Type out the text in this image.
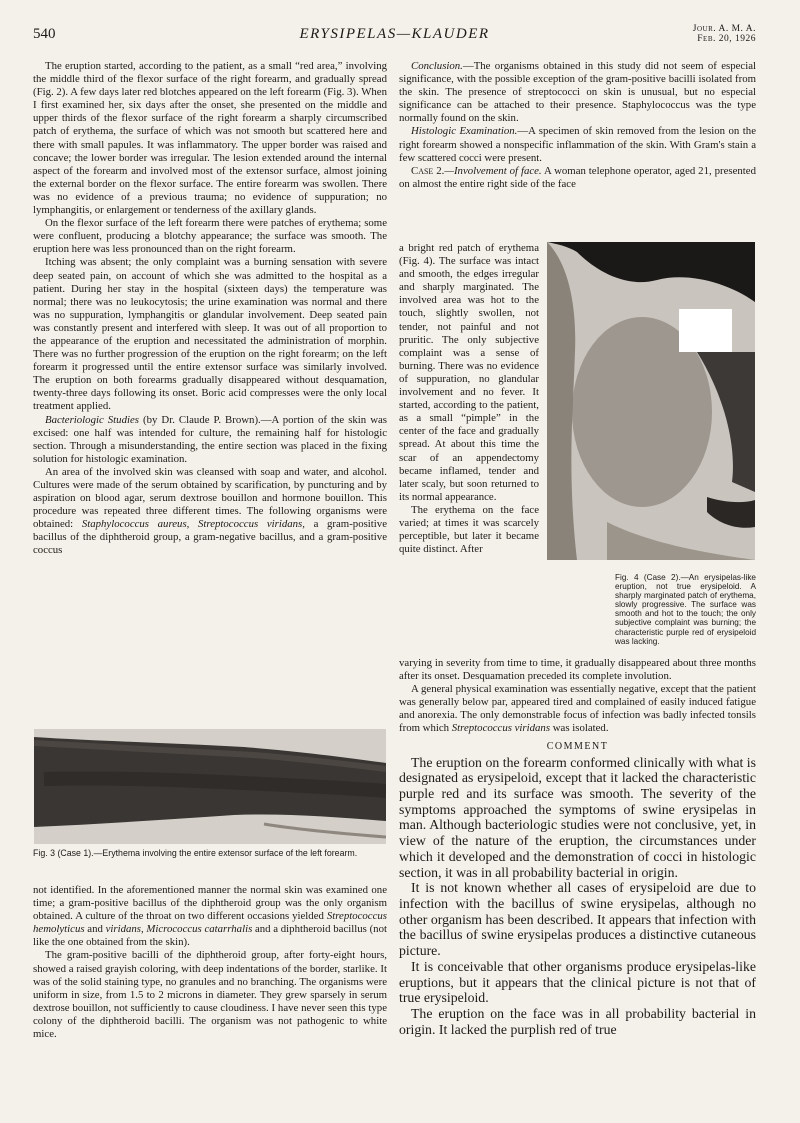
540	ERYSIPELAS—KLAUDER	Jour. A. M. A.
Feb. 20, 1926

The eruption started, according to the patient, as a small “red area,” involving the middle third of the flexor surface of the right forearm, and gradually spread (Fig. 2). A few days later red blotches appeared on the left forearm (Fig. 3). When I first examined her, six days after the onset, she presented on the middle and upper thirds of the flexor surface of the right forearm a sharply circumscribed patch of erythema, the surface of which was not smooth but scattered here and there with small papules. It was inflammatory. The upper border was raised and concave; the lower border was irregular. The lesion extended around the internal aspect of the forearm and involved most of the extensor surface, almost joining the external border on the flexor surface. The entire forearm was swollen. There was no evidence of a previous trauma; no evidence of suppuration; no lymphangitis, or enlargement or tenderness of the axillary glands.

On the flexor surface of the left forearm there were patches of erythema; some were confluent, producing a blotchy appearance; the surface was smooth. The eruption here was less pronounced than on the right forearm.

Itching was absent; the only complaint was a burning sensation with severe deep seated pain, on account of which she was admitted to the hospital as a patient. During her stay in the hospital (sixteen days) the temperature was normal; there was no leukocytosis; the urine examination was normal and there was no suppuration, lymphangitis or glandular involvement. Deep seated pain was constantly present and interfered with sleep. It was out of all proportion to the appearance of the eruption and necessitated the administration of morphin. There was no further progression of the eruption on the right forearm; on the left forearm it progressed until the entire extensor surface was similarly involved. The eruption on both forearms gradually disappeared without desquamation, twenty-three days following its onset. Boric acid compresses were the only local treatment applied.

Bacteriologic Studies (by Dr. Claude P. Brown).—A portion of the skin was excised: one half was intended for culture, the remaining half for histologic section. Through a misunderstanding, the entire section was placed in the fixing solution for histologic examination.

An area of the involved skin was cleansed with soap and water, and alcohol. Cultures were made of the serum obtained by scarification, by puncturing and by aspiration on blood agar, serum dextrose bouillon and hormone bouillon. This procedure was repeated three different times. The following organisms were obtained: Staphylococcus aureus, Streptococcus viridans, a gram-positive bacillus of the diphtheroid group, a gram-negative bacillus, and a gram-positive coccus

Fig. 3 (Case 1).—Erythema involving the entire extensor surface of the left forearm.

not identified. In the aforementioned manner the normal skin was examined one time; a gram-positive bacillus of the diphtheroid group was the only organism obtained. A culture of the throat on two different occasions yielded Streptococcus hemolyticus and viridans, Micrococcus catarrhalis and a diphtheroid bacillus (not like the one obtained from the skin).

The gram-positive bacilli of the diphtheroid group, after forty-eight hours, showed a raised grayish coloring, with deep indentations of the border, starlike. It was of the solid staining type, no granules and no branching. The organisms were uniform in size, from 1.5 to 2 microns in diameter. They grew sparsely in serum dextrose bouillon, not sufficiently to cause cloudiness. I have never seen this type colony of the diphtheroid bacilli. The organism was not pathogenic to white mice.

Conclusion.—The organisms obtained in this study did not seem of especial significance, with the possible exception of the gram-positive bacilli isolated from the skin. The presence of streptococci on skin is unusual, but no especial significance can be attached to their presence. Staphylococcus was the type normally found on the skin.

Histologic Examination.—A specimen of skin removed from the lesion on the right forearm showed a nonspecific inflammation of the skin. With Gram's stain a few scattered cocci were present.

Case 2.—Involvement of face. A woman telephone operator, aged 21, presented on almost the entire right side of the face

a bright red patch of erythema (Fig. 4). The surface was intact and smooth, the edges irregular and sharply marginated. The involved area was hot to the touch, slightly swollen, not tender, not painful and not pruritic. The only subjective complaint was a sense of burning. There was no evidence of suppuration, no glandular involvement and no fever. It started, according to the patient, as a small “pimple” in the center of the face and gradually spread. At about this time the scar of an appendectomy became inflamed, tender and later scaly, but soon returned to its normal appearance.

The erythema on the face varied; at times it was scarcely perceptible, but later it became quite distinct. After

Fig. 4 (Case 2).—An erysipelas-like eruption, not true erysipeloid. A sharply marginated patch of erythema, slowly progressive. The surface was smooth and hot to the touch; the only subjective complaint was burning; the characteristic purple red of erysipeloid was lacking.

varying in severity from time to time, it gradually disappeared about three months after its onset. Desquamation preceded its complete involution.

A general physical examination was essentially negative, except that the patient was generally below par, appeared tired and complained of easily induced fatigue and anorexia. The only demonstrable focus of infection was badly infected tonsils from which Streptococcus viridans was isolated.

COMMENT

The eruption on the forearm conformed clinically with what is designated as erysipeloid, except that it lacked the characteristic purple red and its surface was smooth. The severity of the symptoms approached the symptoms of swine erysipelas in man. Although bacteriologic studies were not conclusive, yet, in view of the nature of the eruption, the circumstances under which it developed and the demonstration of cocci in histologic section, it was in all probability bacterial in origin.

It is not known whether all cases of erysipeloid are due to infection with the bacillus of swine erysipelas, although no other organism has been described. It appears that infection with the bacillus of swine erysipelas produces a distinctive cutaneous picture.

It is conceivable that other organisms produce erysipelas-like eruptions, but it appears that the clinical picture is not that of true erysipeloid.

The eruption on the face was in all probability bacterial in origin. It lacked the purplish red of true
